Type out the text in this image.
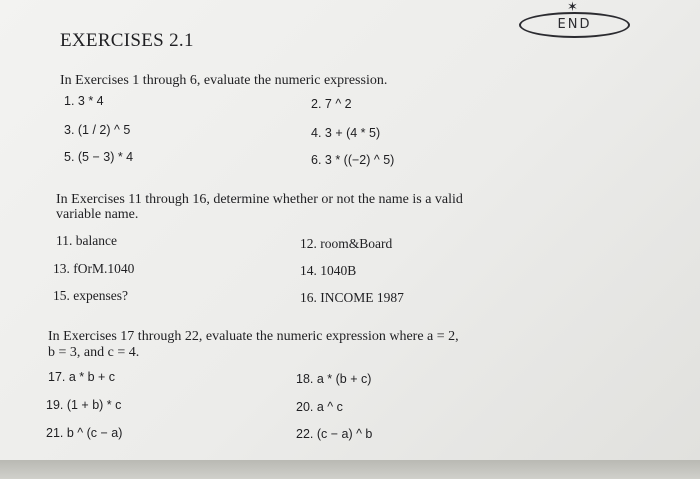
✶
END
EXERCISES 2.1

In Exercises 1 through 6, evaluate the numeric expression.

1. 3 * 4	2. 7 ^ 2
3. (1 / 2) ^ 5	4. 3 + (4 * 5)
5. (5 − 3) * 4	6. 3 * ((−2) ^ 5)

In Exercises 11 through 16, determine whether or not the name is a valid

variable name.

11. balance	12. room&Board
13. fOrM.1040	14. 1040B
15. expenses?	16. INCOME 1987

In Exercises 17 through 22, evaluate the numeric expression where a = 2,

b = 3, and c = 4.

17. a * b + c	18. a * (b + c)
19. (1 + b) * c	20. a ^ c
21. b ^ (c − a)	22. (c − a) ^ b
